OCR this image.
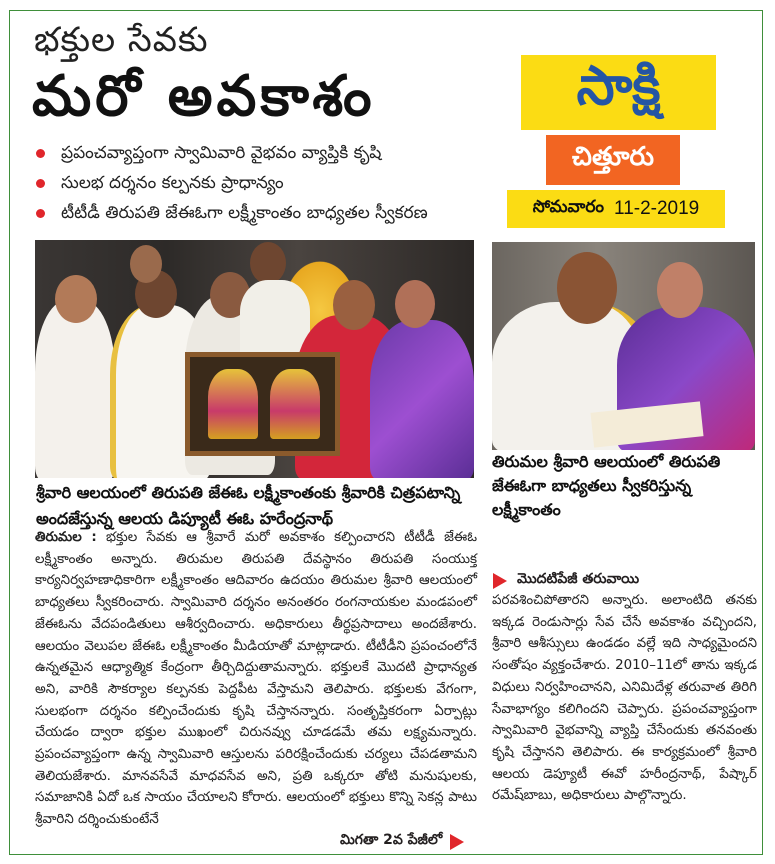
భక్తుల సేవకు
మరో అవకాశం
ప్రపంచవ్యాప్తంగా స్వామివారి వైభవం వ్యాప్తికి కృషి
సులభ దర్శనం కల్పనకు ప్రాధాన్యం
టీటీడీ తిరుపతి జేఈఓగా లక్ష్మీకాంతం బాధ్యతల స్వీకరణ
సాక్షి
చిత్తూరు
సోమవారం 11-2-2019
శ్రీవారి ఆలయంలో తిరుపతి జేఈఓ లక్ష్మీకాంతంకు శ్రీవారికి చిత్రపటాన్ని అందజేస్తున్న ఆలయ డిప్యూటీ ఈఓ హరేంద్రనాథ్
తిరుమల శ్రీవారి ఆలయంలో తిరుపతి జేఈఓగా బాధ్యతలు స్వీకరిస్తున్న లక్ష్మీకాంతం
తిరుమల : భక్తుల సేవకు ఆ శ్రీవారే మరో అవకాశం కల్పించారని టీటీడీ జేఈఓ లక్ష్మీకాంతం అన్నారు. తిరుమల తిరుపతి దేవస్థానం తిరుపతి సంయుక్త కార్యనిర్వహణాధికారిగా లక్ష్మీకాంతం ఆదివారం ఉదయం తిరుమల శ్రీవారి ఆలయంలో బాధ్యతలు స్వీకరించారు. స్వామివారి దర్శనం అనంతరం రంగనాయకుల మండపంలో జేఈఓను వేదపండితులు ఆశీర్వదించారు. అధికారులు తీర్థప్రసాదాలు అందజేశారు. ఆలయం వెలుపల జేఈఓ లక్ష్మీకాంతం మీడియాతో మాట్లాడారు. టీటీడీని ప్రపంచంలోనే ఉన్నతమైన ఆధ్యాత్మిక కేంద్రంగా తీర్చిదిద్దుతామన్నారు. భక్తులకే మొదటి ప్రాధాన్యత అని, వారికి సౌకర్యాల కల్పనకు పెద్దపీట వేస్తామని తెలిపారు. భక్తులకు వేగంగా, సులభంగా దర్శనం కల్పించేందుకు కృషి చేస్తానన్నారు. సంతృప్తికరంగా ఏర్పాట్లు చేయడం ద్వారా భక్తుల ముఖంలో చిరునవ్వు చూడడమే తమ లక్ష్యమన్నారు. ప్రపంచవ్యాప్తంగా ఉన్న స్వామివారి ఆస్తులను పరిరక్షించేందుకు చర్యలు చేపడతామని తెలియజేశారు. మానవసేవే మాధవసేవ అని, ప్రతి ఒక్కరూ తోటి మనుషులకు, సమాజానికి ఏదో ఒక సాయం చేయాలని కోరారు. ఆలయంలో భక్తులు కొన్ని సెకన్ల పాటు శ్రీవారిని దర్శించుకుంటేనే
మిగతా 2వ పేజీలో
మొదటిపేజీ తరువాయి
పరవశించిపోతారని అన్నారు. అలాంటిది తనకు ఇక్కడ రెండుసార్లు సేవ చేసే అవకాశం వచ్చిందని, శ్రీవారి ఆశీస్సులు ఉండడం వల్లే ఇది సాధ్యమైందని సంతోషం వ్యక్తంచేశారు. 2010–11లో తాను ఇక్కడ విధులు నిర్వహించానని, ఎనిమిదేళ్ల తరువాత తిరిగి సేవాభాగ్యం కలిగిందని చెప్పారు. ప్రపంచవ్యాప్తంగా స్వామివారి వైభవాన్ని వ్యాప్తి చేసేందుకు తనవంతు కృషి చేస్తానని తెలిపారు. ఈ కార్యక్రమంలో శ్రీవారి ఆలయ డెప్యూటీ ఈవో హరీంద్రనాథ్, పేష్కార్ రమేష్‌బాబు, అధికారులు పాల్గొన్నారు.
